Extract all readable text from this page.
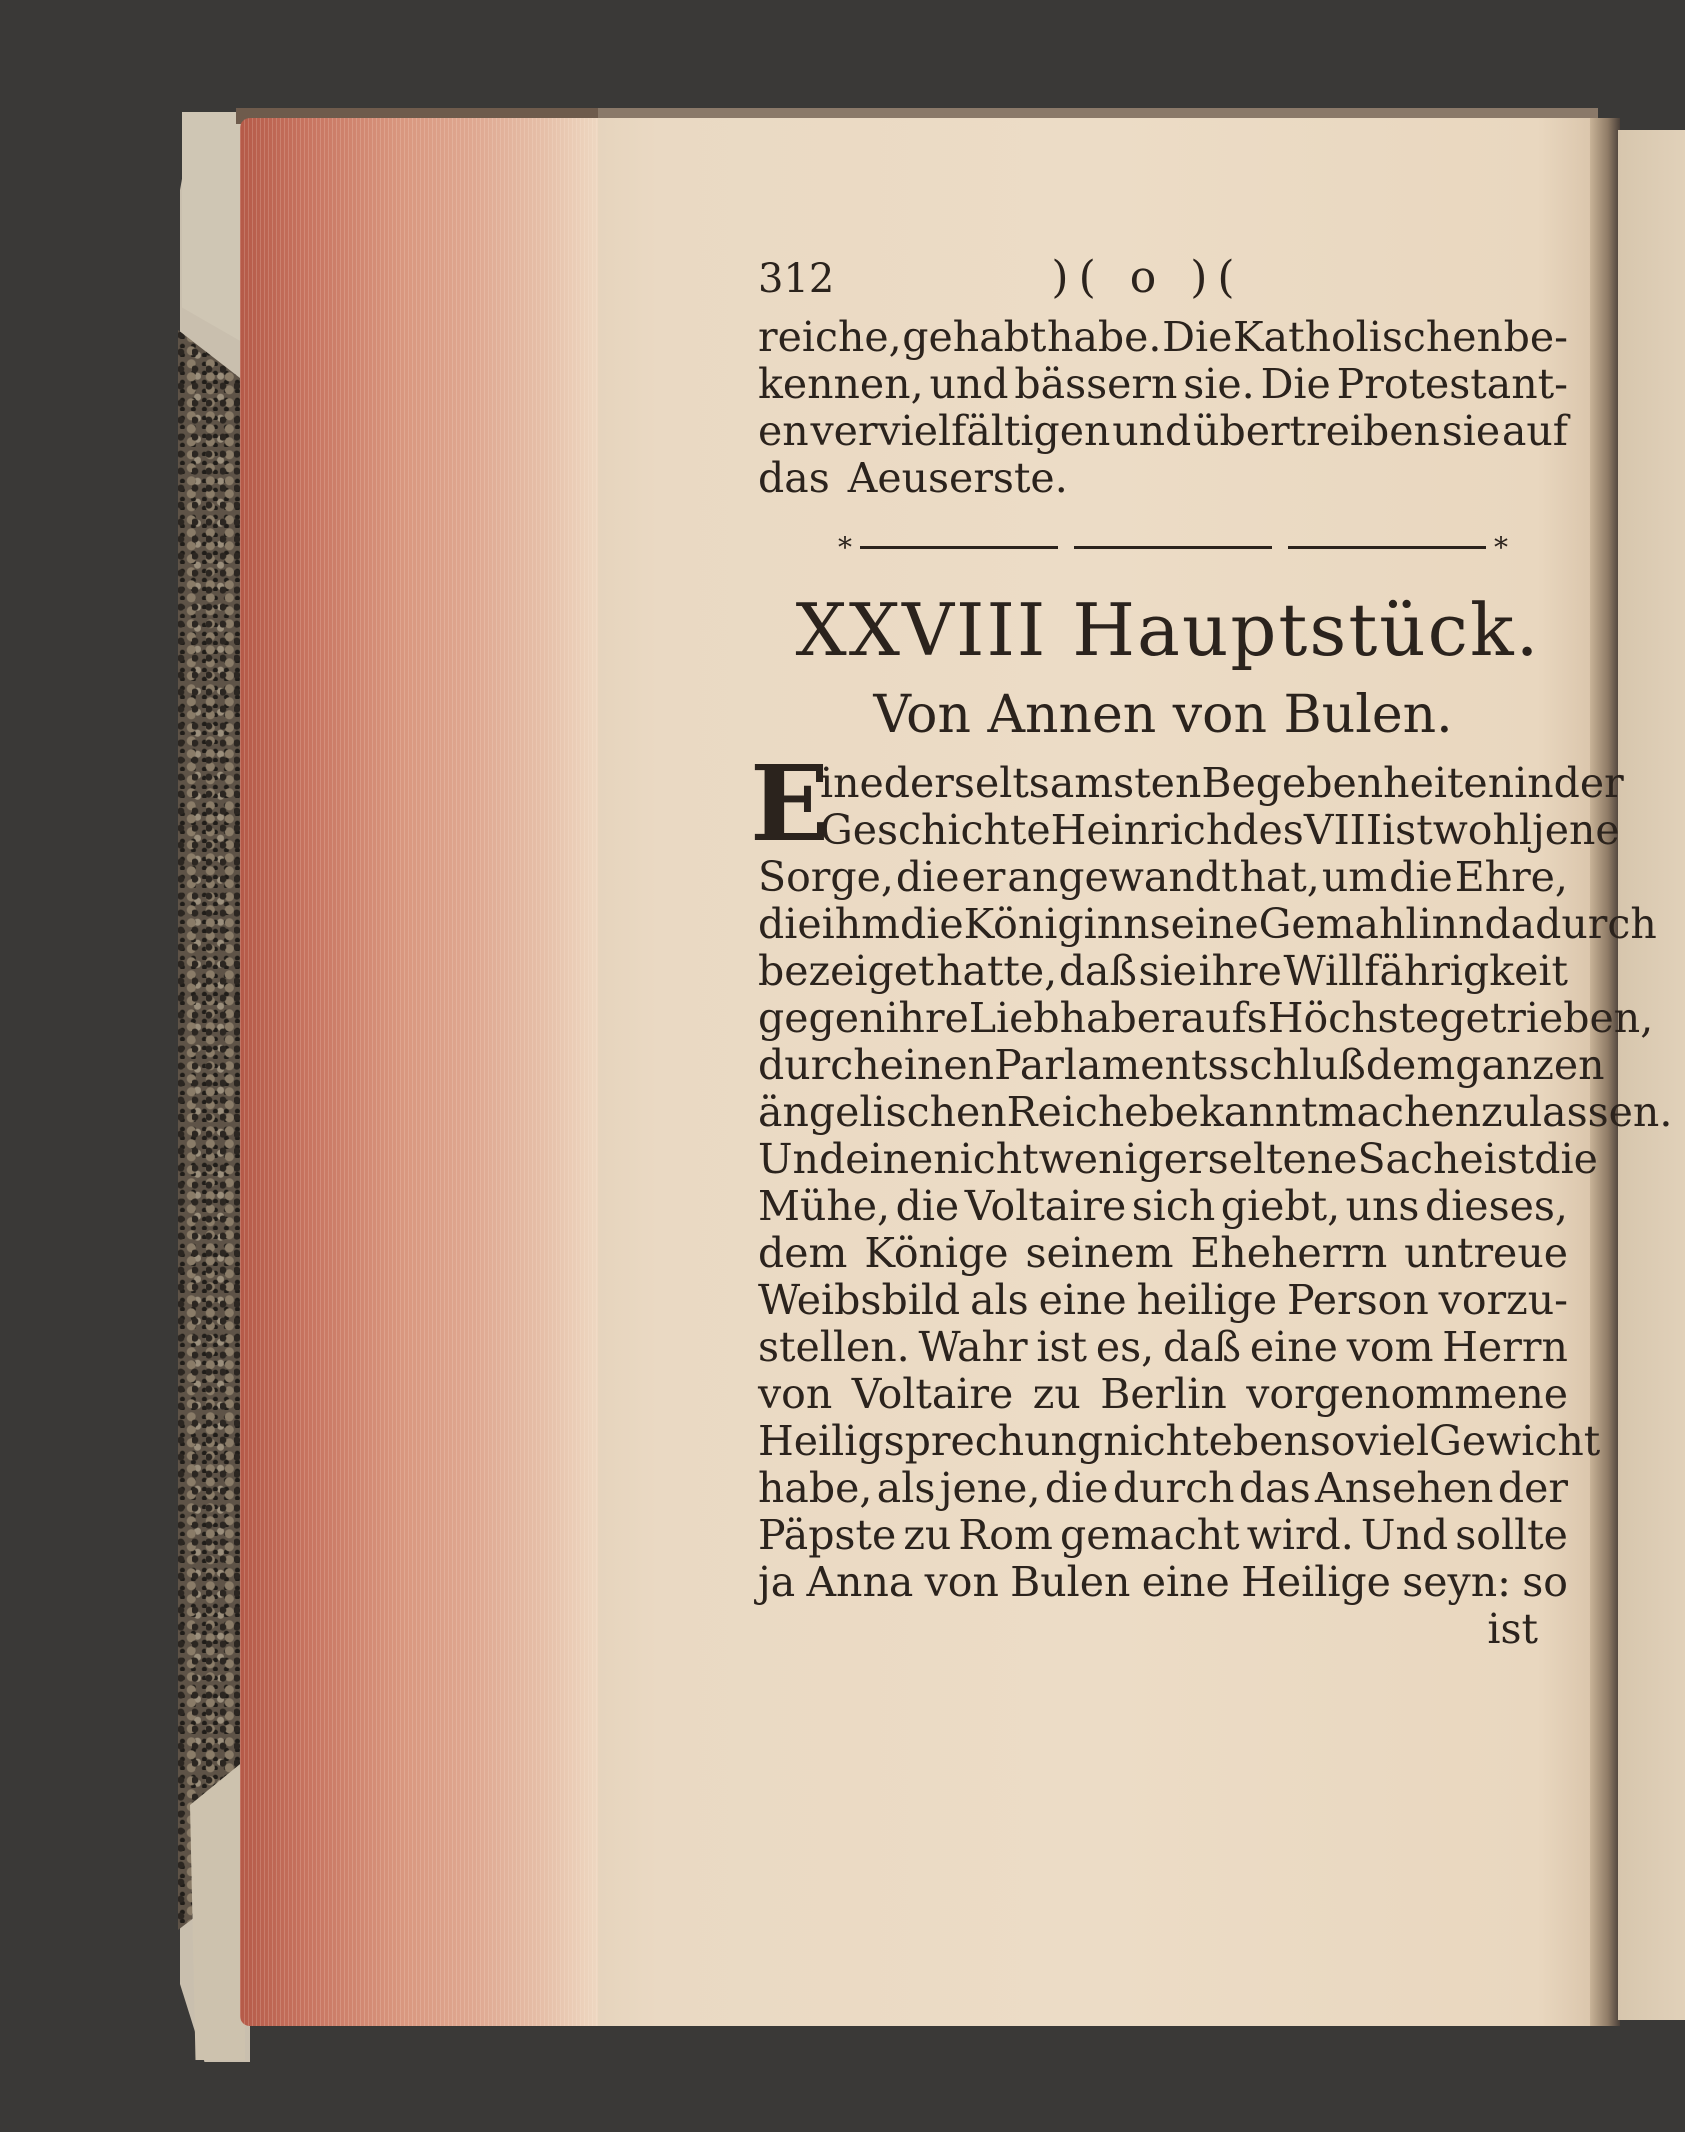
312	)( o )(
reiche, gehabt habe. Die Katholischen be-
kennen, und bässern sie. Die Protestant-
en vervielfältigen und übertreiben sie auf
das Aeuserste.
*	*
XXVIII Hauptstück.
Von Annen von Bulen.
E
ine der seltsamsten Begebenheiten in der
Geschichte Heinrich des VIII ist wohl jene
Sorge, die er angewandt hat, um die Ehre,
die ihm die Königinn seine Gemahlinn dadurch
bezeiget hatte, daß sie ihre Willfährigkeit
gegen ihre Liebhaber aufs Höchste getrieben,
durch einen Parlamentsschluß dem ganzen
ängelischen Reiche bekannt machen zu lassen.
Und eine nicht weniger seltene Sache ist die
Mühe, die Voltaire sich giebt, uns dieses,
dem Könige seinem Eheherrn untreue
Weibsbild als eine heilige Person vorzu-
stellen. Wahr ist es, daß eine vom Herrn
von Voltaire zu Berlin vorgenommene
Heiligsprechung nicht eben so viel Gewicht
habe, als jene, die durch das Ansehen der
Päpste zu Rom gemacht wird. Und sollte
ja Anna von Bulen eine Heilige seyn: so
ist
